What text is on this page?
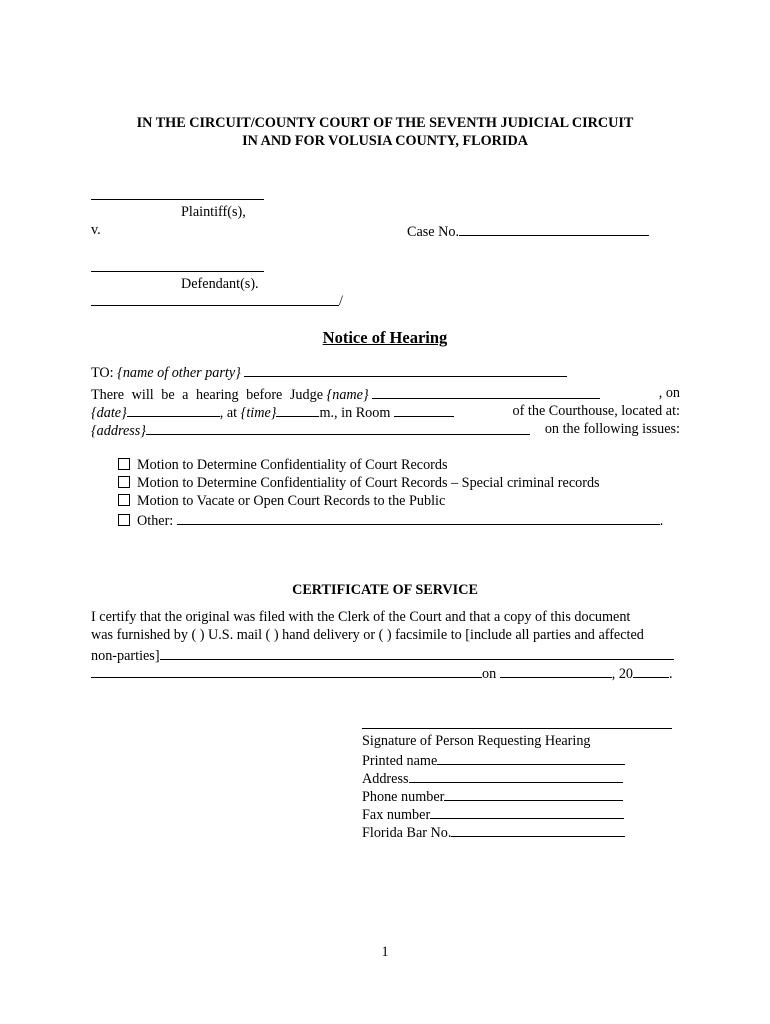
IN THE CIRCUIT/COUNTY COURT OF THE SEVENTH JUDICIAL CIRCUIT
IN AND FOR VOLUSIA COUNTY, FLORIDA
Plaintiff(s),
v.	Case No.
Defendant(s).
/
Notice of Hearing
TO: {name of other party}
There will be a hearing before Judge {name}	, on
{date}	, at {time}	m., in Room	of the Courthouse, located at:
{address}	on the following issues:
Motion to Determine Confidentiality of Court Records
Motion to Determine Confidentiality of Court Records – Special criminal records
Motion to Vacate or Open Court Records to the Public
Other:	.
CERTIFICATE OF SERVICE
I certify that the original was filed with the Clerk of the Court and that a copy of this document
was furnished by ( ) U.S. mail ( ) hand delivery or ( ) facsimile to [include all parties and affected
non-parties]
on	, 20	.
Signature of Person Requesting Hearing
Printed name
Address
Phone number
Fax number
Florida Bar No.
1
